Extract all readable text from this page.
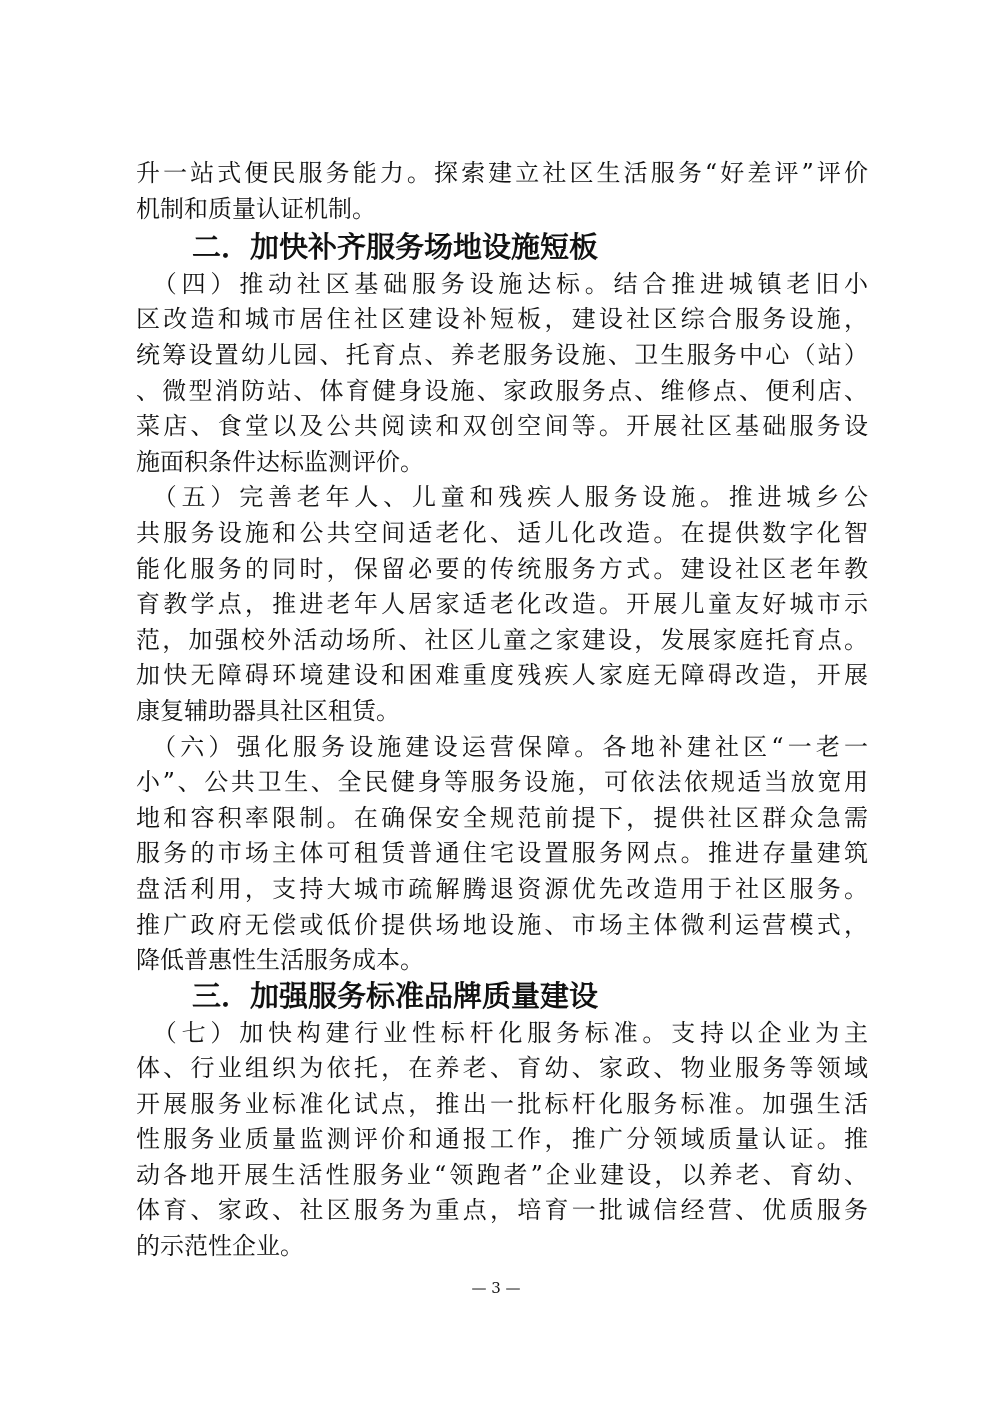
升一站式便民服务能力。探索建立社区生活服务“好差评”评价
机制和质量认证机制。
二．加快补齐服务场地设施短板
　（四）推动社区基础服务设施达标。结合推进城镇老旧小
区改造和城市居住社区建设补短板，建设社区综合服务设施，
统筹设置幼儿园、托育点、养老服务设施、卫生服务中心（站）
、微型消防站、体育健身设施、家政服务点、维修点、便利店、
菜店、食堂以及公共阅读和双创空间等。开展社区基础服务设
施面积条件达标监测评价。
　（五）完善老年人、儿童和残疾人服务设施。推进城乡公
共服务设施和公共空间适老化、适儿化改造。在提供数字化智
能化服务的同时，保留必要的传统服务方式。建设社区老年教
育教学点，推进老年人居家适老化改造。开展儿童友好城市示
范，加强校外活动场所、社区儿童之家建设，发展家庭托育点。
加快无障碍环境建设和困难重度残疾人家庭无障碍改造，开展
康复辅助器具社区租赁。
　（六）强化服务设施建设运营保障。各地补建社区“一老一
小”、公共卫生、全民健身等服务设施，可依法依规适当放宽用
地和容积率限制。在确保安全规范前提下，提供社区群众急需
服务的市场主体可租赁普通住宅设置服务网点。推进存量建筑
盘活利用，支持大城市疏解腾退资源优先改造用于社区服务。
推广政府无偿或低价提供场地设施、市场主体微利运营模式，
降低普惠性生活服务成本。
三．加强服务标准品牌质量建设
　（七）加快构建行业性标杆化服务标准。支持以企业为主
体、行业组织为依托，在养老、育幼、家政、物业服务等领域
开展服务业标准化试点，推出一批标杆化服务标准。加强生活
性服务业质量监测评价和通报工作，推广分领域质量认证。推
动各地开展生活性服务业“领跑者”企业建设，以养老、育幼、
体育、家政、社区服务为重点，培育一批诚信经营、优质服务
的示范性企业。
— 3 —
